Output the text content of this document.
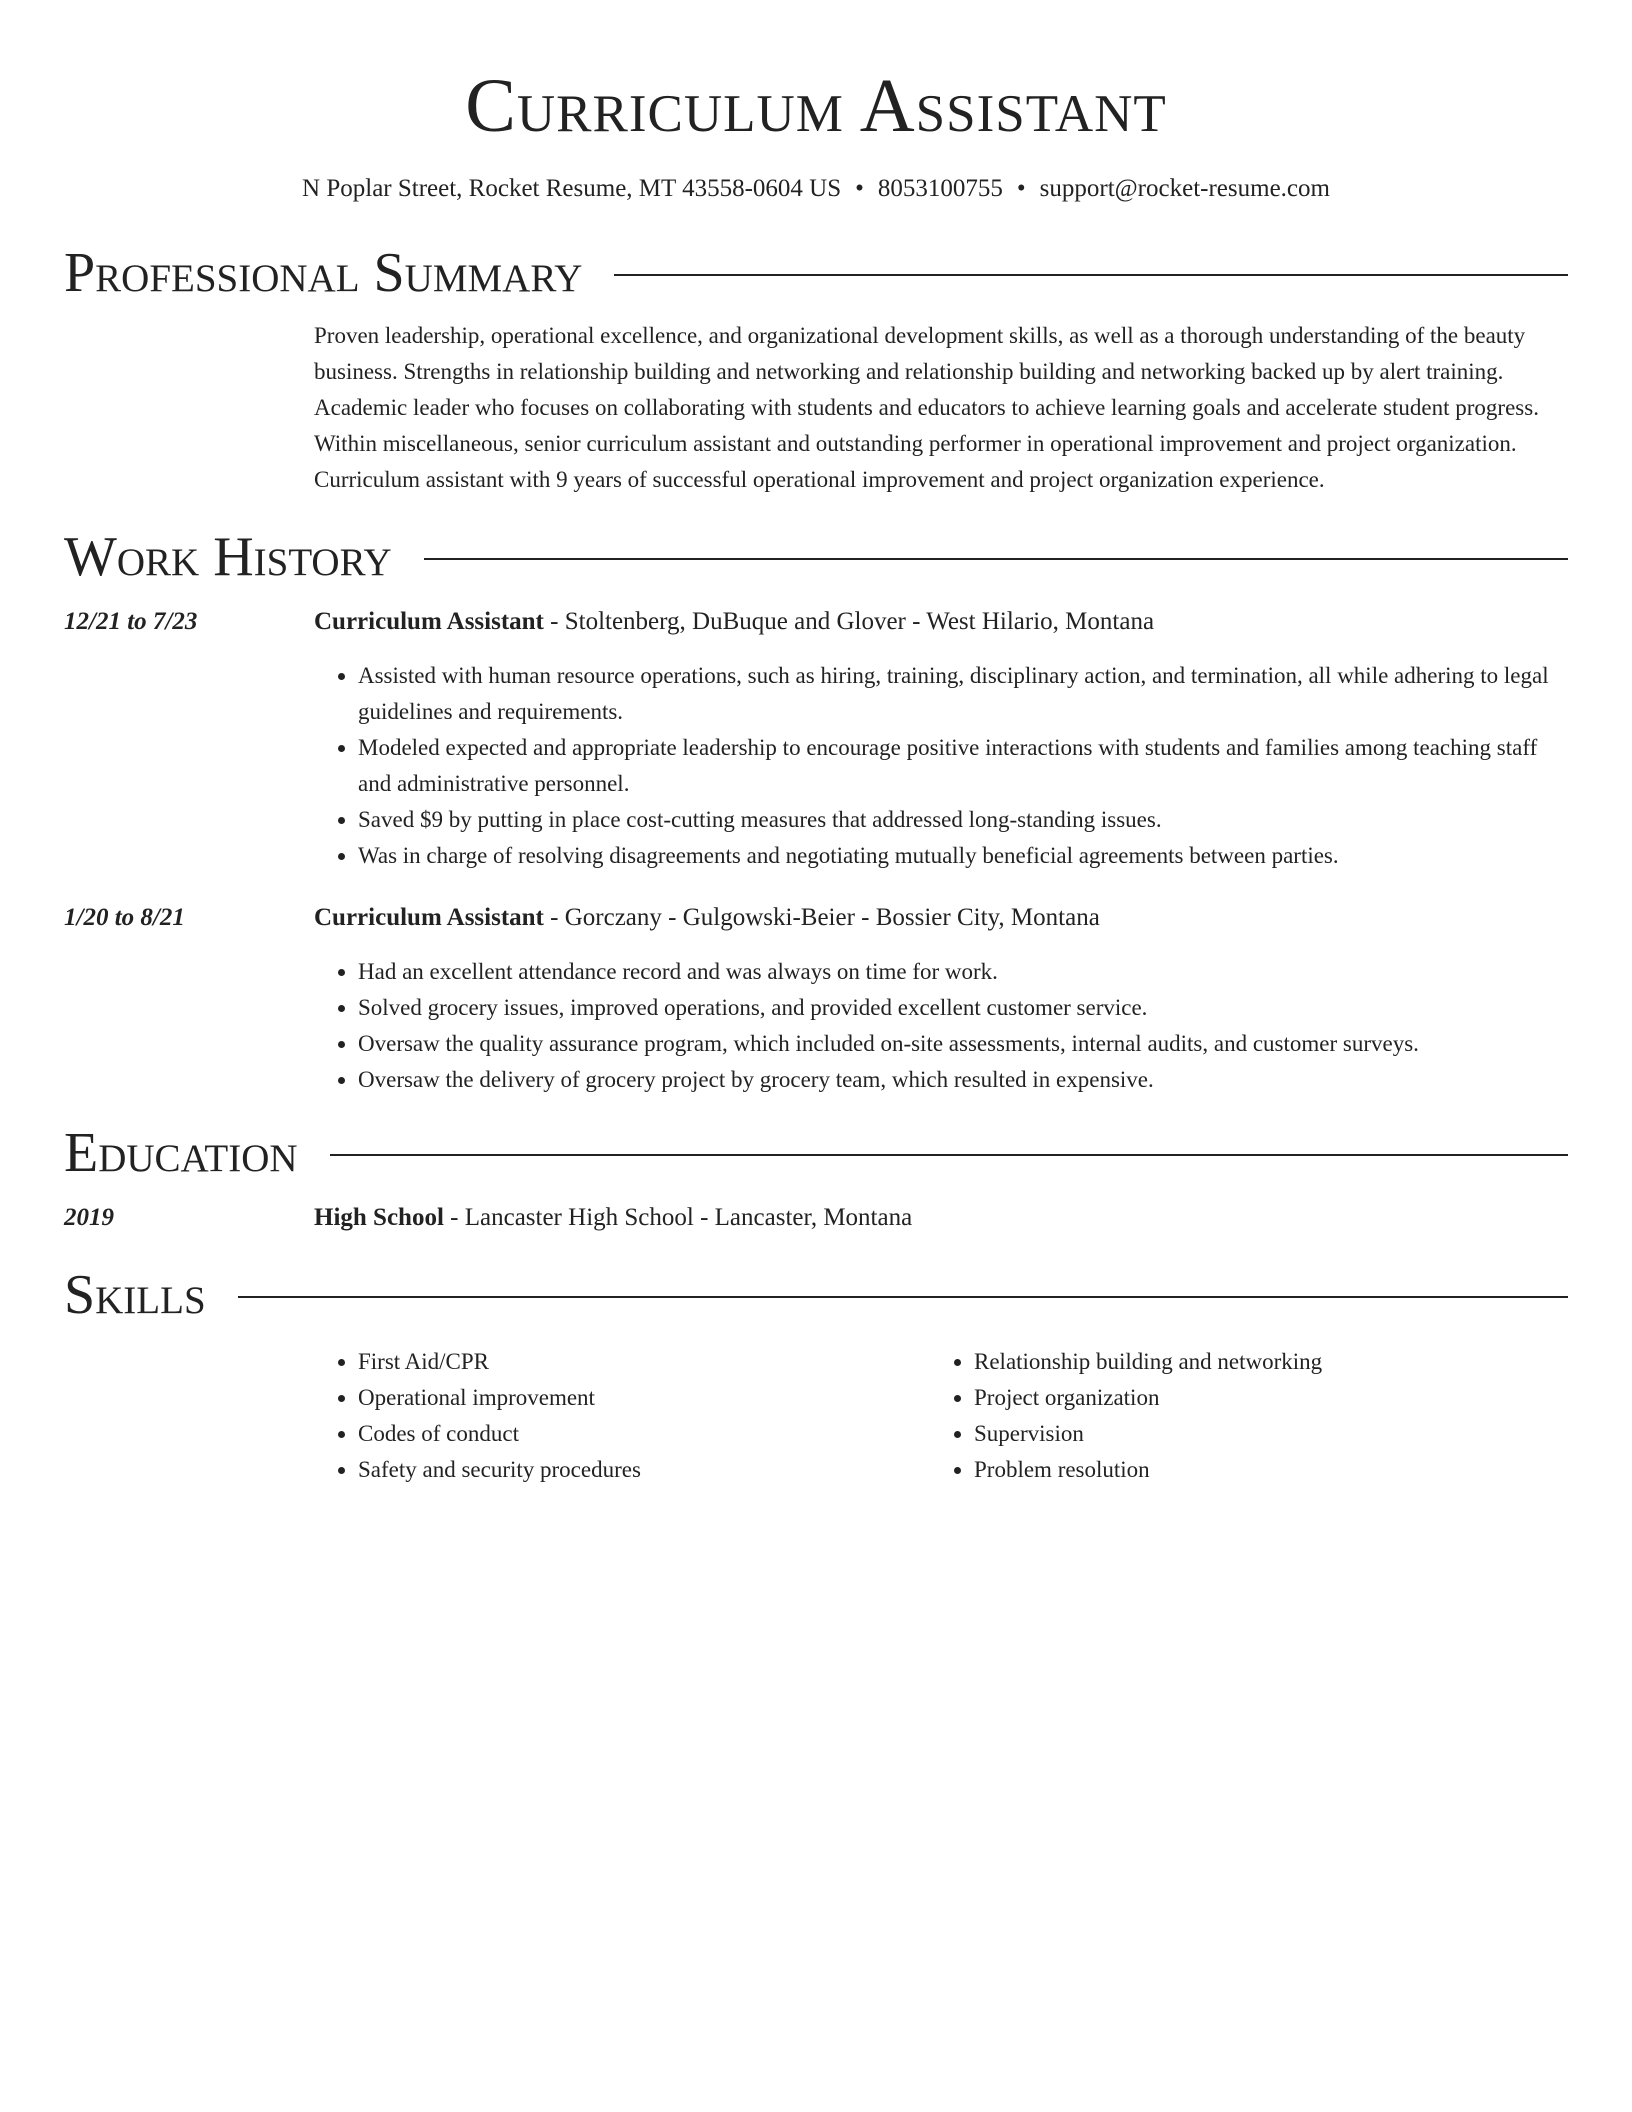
Curriculum Assistant
N Poplar Street, Rocket Resume, MT 43558-0604 US • 8053100755 • support@rocket-resume.com
Professional Summary
Proven leadership, operational excellence, and organizational development skills, as well as a thorough understanding of the beauty business. Strengths in relationship building and networking and relationship building and networking backed up by alert training. Academic leader who focuses on collaborating with students and educators to achieve learning goals and accelerate student progress. Within miscellaneous, senior curriculum assistant and outstanding performer in operational improvement and project organization. Curriculum assistant with 9 years of successful operational improvement and project organization experience.
Work History
12/21 to 7/23	Curriculum Assistant - Stoltenberg, DuBuque and Glover - West Hilario, Montana
• Assisted with human resource operations, such as hiring, training, disciplinary action, and termination, all while adhering to legal guidelines and requirements.
• Modeled expected and appropriate leadership to encourage positive interactions with students and families among teaching staff and administrative personnel.
• Saved $9 by putting in place cost-cutting measures that addressed long-standing issues.
• Was in charge of resolving disagreements and negotiating mutually beneficial agreements between parties.
1/20 to 8/21	Curriculum Assistant - Gorczany - Gulgowski-Beier - Bossier City, Montana
• Had an excellent attendance record and was always on time for work.
• Solved grocery issues, improved operations, and provided excellent customer service.
• Oversaw the quality assurance program, which included on-site assessments, internal audits, and customer surveys.
• Oversaw the delivery of grocery project by grocery team, which resulted in expensive.
Education
2019	High School - Lancaster High School - Lancaster, Montana
Skills
• First Aid/CPR
• Operational improvement
• Codes of conduct
• Safety and security procedures
• Relationship building and networking
• Project organization
• Supervision
• Problem resolution
